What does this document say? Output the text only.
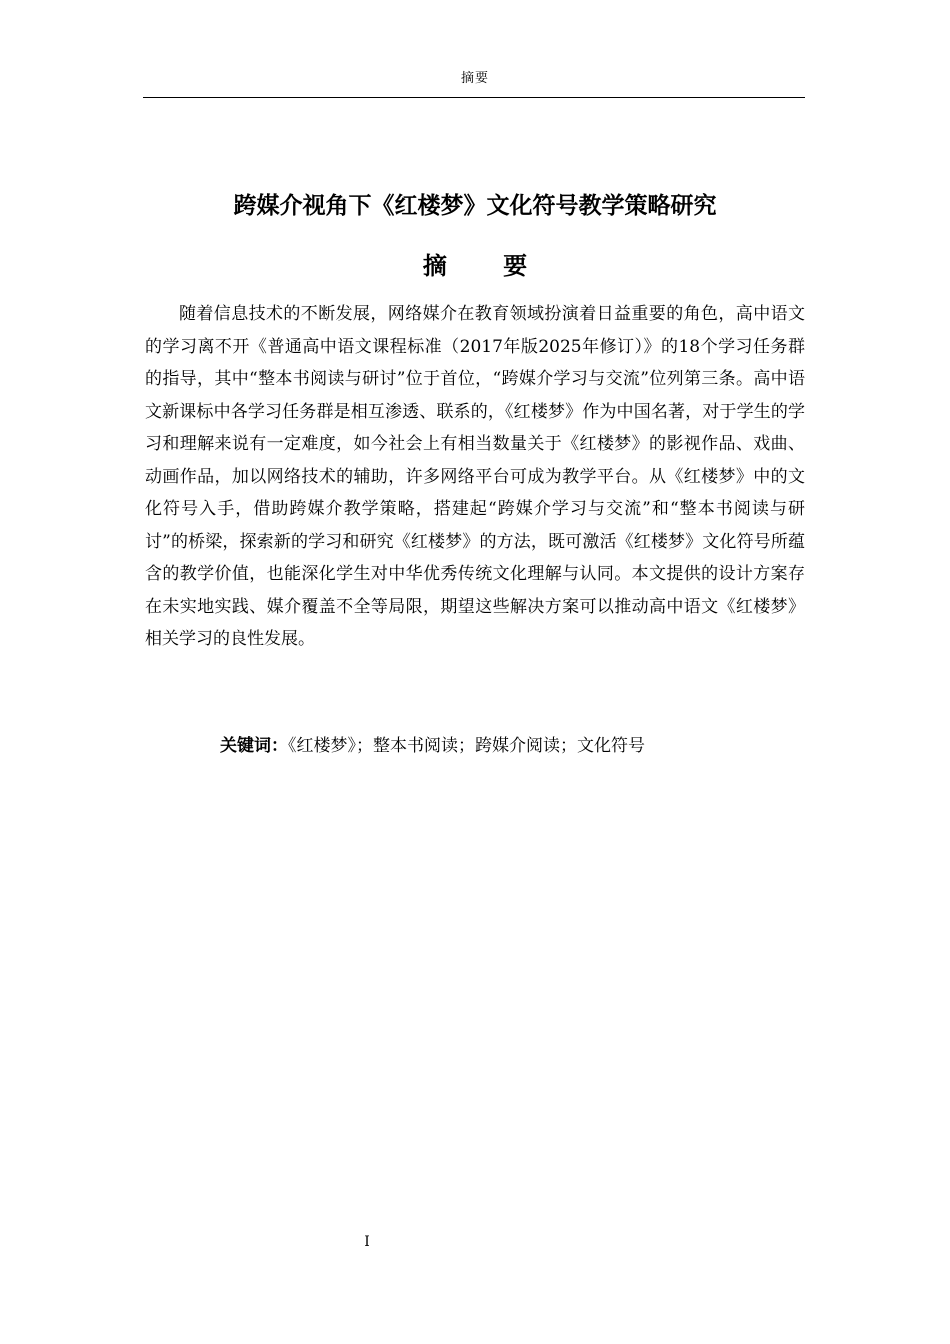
摘要
跨媒介视角下《红楼梦》文化符号教学策略研究
摘 要

随着信息技术的不断发展，网络媒介在教育领域扮演着日益重要的角色，高中语文的学习离不开《普通高中语文课程标准（2017年版2025年修订）》的18个学习任务群的指导，其中“整本书阅读与研讨”位于首位，“跨媒介学习与交流”位列第三条。高中语文新课标中各学习任务群是相互渗透、联系的，《红楼梦》作为中国名著，对于学生的学习和理解来说有一定难度，如今社会上有相当数量关于《红楼梦》的影视作品、戏曲、动画作品，加以网络技术的辅助，许多网络平台可成为教学平台。从《红楼梦》中的文化符号入手，借助跨媒介教学策略，搭建起“跨媒介学习与交流”和“整本书阅读与研讨”的桥梁，探索新的学习和研究《红楼梦》的方法，既可激活《红楼梦》文化符号所蕴含的教学价值，也能深化学生对中华优秀传统文化理解与认同。本文提供的设计方案存在未实地实践、媒介覆盖不全等局限，期望这些解决方案可以推动高中语文《红楼梦》相关学习的良性发展。

关键词：《红楼梦》；整本书阅读；跨媒介阅读；文化符号
I
